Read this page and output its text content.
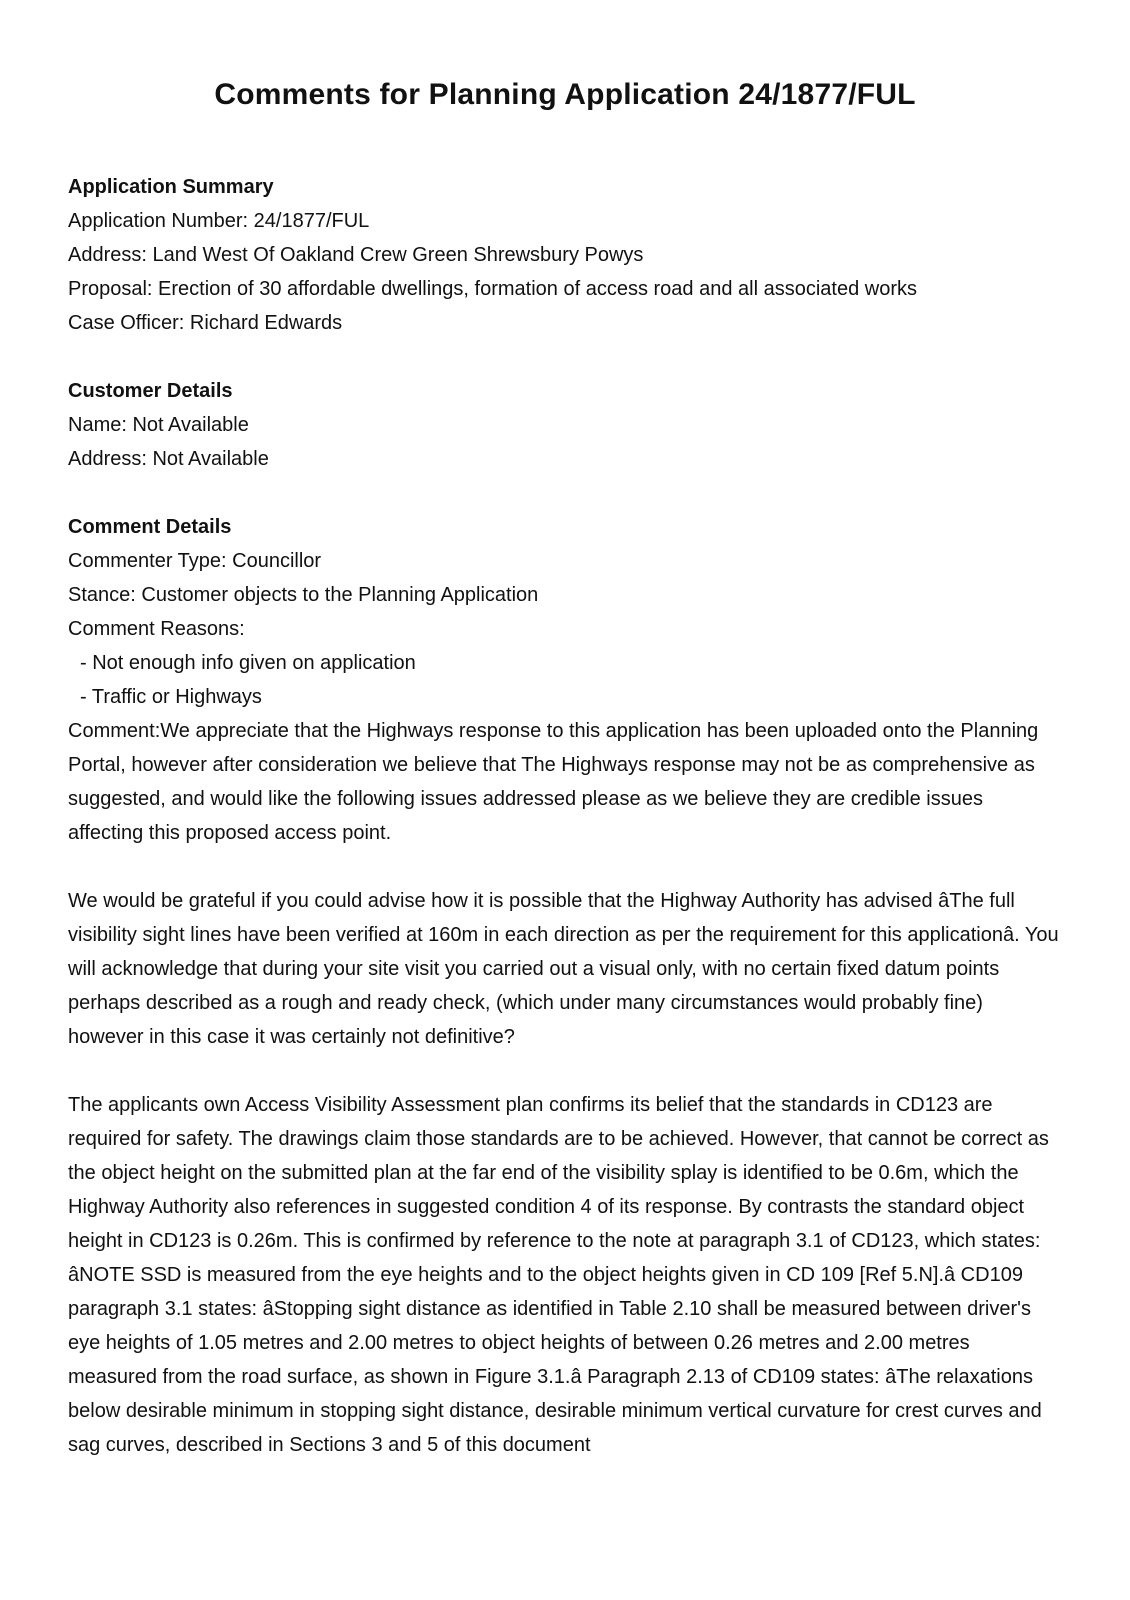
Comments for Planning Application 24/1877/FUL

Application Summary

Application Number: 24/1877/FUL

Address: Land West Of Oakland Crew Green Shrewsbury Powys

Proposal: Erection of 30 affordable dwellings, formation of access road and all associated works

Case Officer: Richard Edwards

Customer Details

Name: Not Available

Address: Not Available

Comment Details

Commenter Type: Councillor

Stance: Customer objects to the Planning Application

Comment Reasons:

- Not enough info given on application

- Traffic or Highways

Comment:We appreciate that the Highways response to this application has been uploaded onto the Planning Portal, however after consideration we believe that The Highways response may not be as comprehensive as suggested, and would like the following issues addressed please as we believe they are credible issues affecting this proposed access point.

We would be grateful if you could advise how it is possible that the Highway Authority has advised âThe full visibility sight lines have been verified at 160m in each direction as per the requirement for this applicationâ. You will acknowledge that during your site visit you carried out a visual only, with no certain fixed datum points perhaps described as a rough and ready check, (which under many circumstances would probably fine) however in this case it was certainly not definitive?

The applicants own Access Visibility Assessment plan confirms its belief that the standards in CD123 are required for safety. The drawings claim those standards are to be achieved. However, that cannot be correct as the object height on the submitted plan at the far end of the visibility splay is identified to be 0.6m, which the Highway Authority also references in suggested condition 4 of its response. By contrasts the standard object height in CD123 is 0.26m. This is confirmed by reference to the note at paragraph 3.1 of CD123, which states: âNOTE SSD is measured from the eye heights and to the object heights given in CD 109 [Ref 5.N].â CD109 paragraph 3.1 states: âStopping sight distance as identified in Table 2.10 shall be measured between driver's eye heights of 1.05 metres and 2.00 metres to object heights of between 0.26 metres and 2.00 metres measured from the road surface, as shown in Figure 3.1.â Paragraph 2.13 of CD109 states: âThe relaxations below desirable minimum in stopping sight distance, desirable minimum vertical curvature for crest curves and sag curves, described in Sections 3 and 5 of this document
